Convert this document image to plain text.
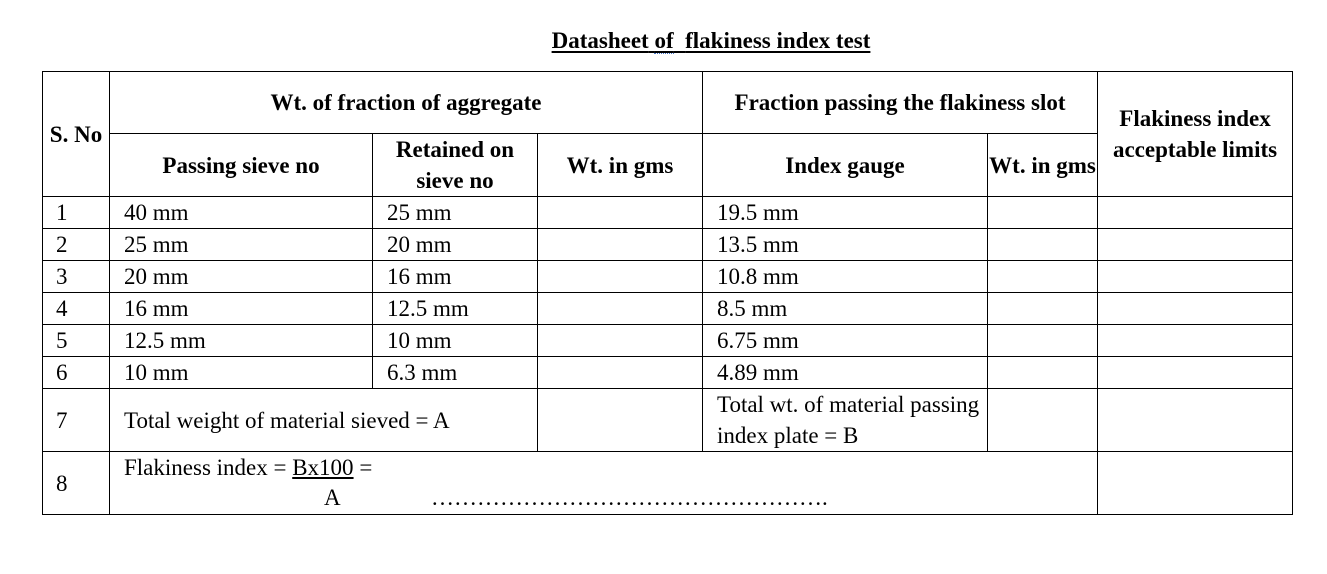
Datasheet of flakiness index test
S. No	Wt. of fraction of aggregate			Fraction passing the flakiness slot		Flakiness index acceptable limits
	Passing sieve no	Retained on sieve no	Wt. in gms	Index gauge	Wt. in gms	
1	40 mm	25 mm		19.5 mm		
2	25 mm	20 mm		13.5 mm		
3	20 mm	16 mm		10.8 mm		
4	16 mm	12.5 mm		8.5 mm		
5	12.5 mm	10 mm		6.75 mm		
6	10 mm	6.3 mm		4.89 mm		
7	Total weight of material sieved = A			Total wt. of material passing index plate = B		
8	Flakiness index = Bx100 =
A …………………………………………….					
